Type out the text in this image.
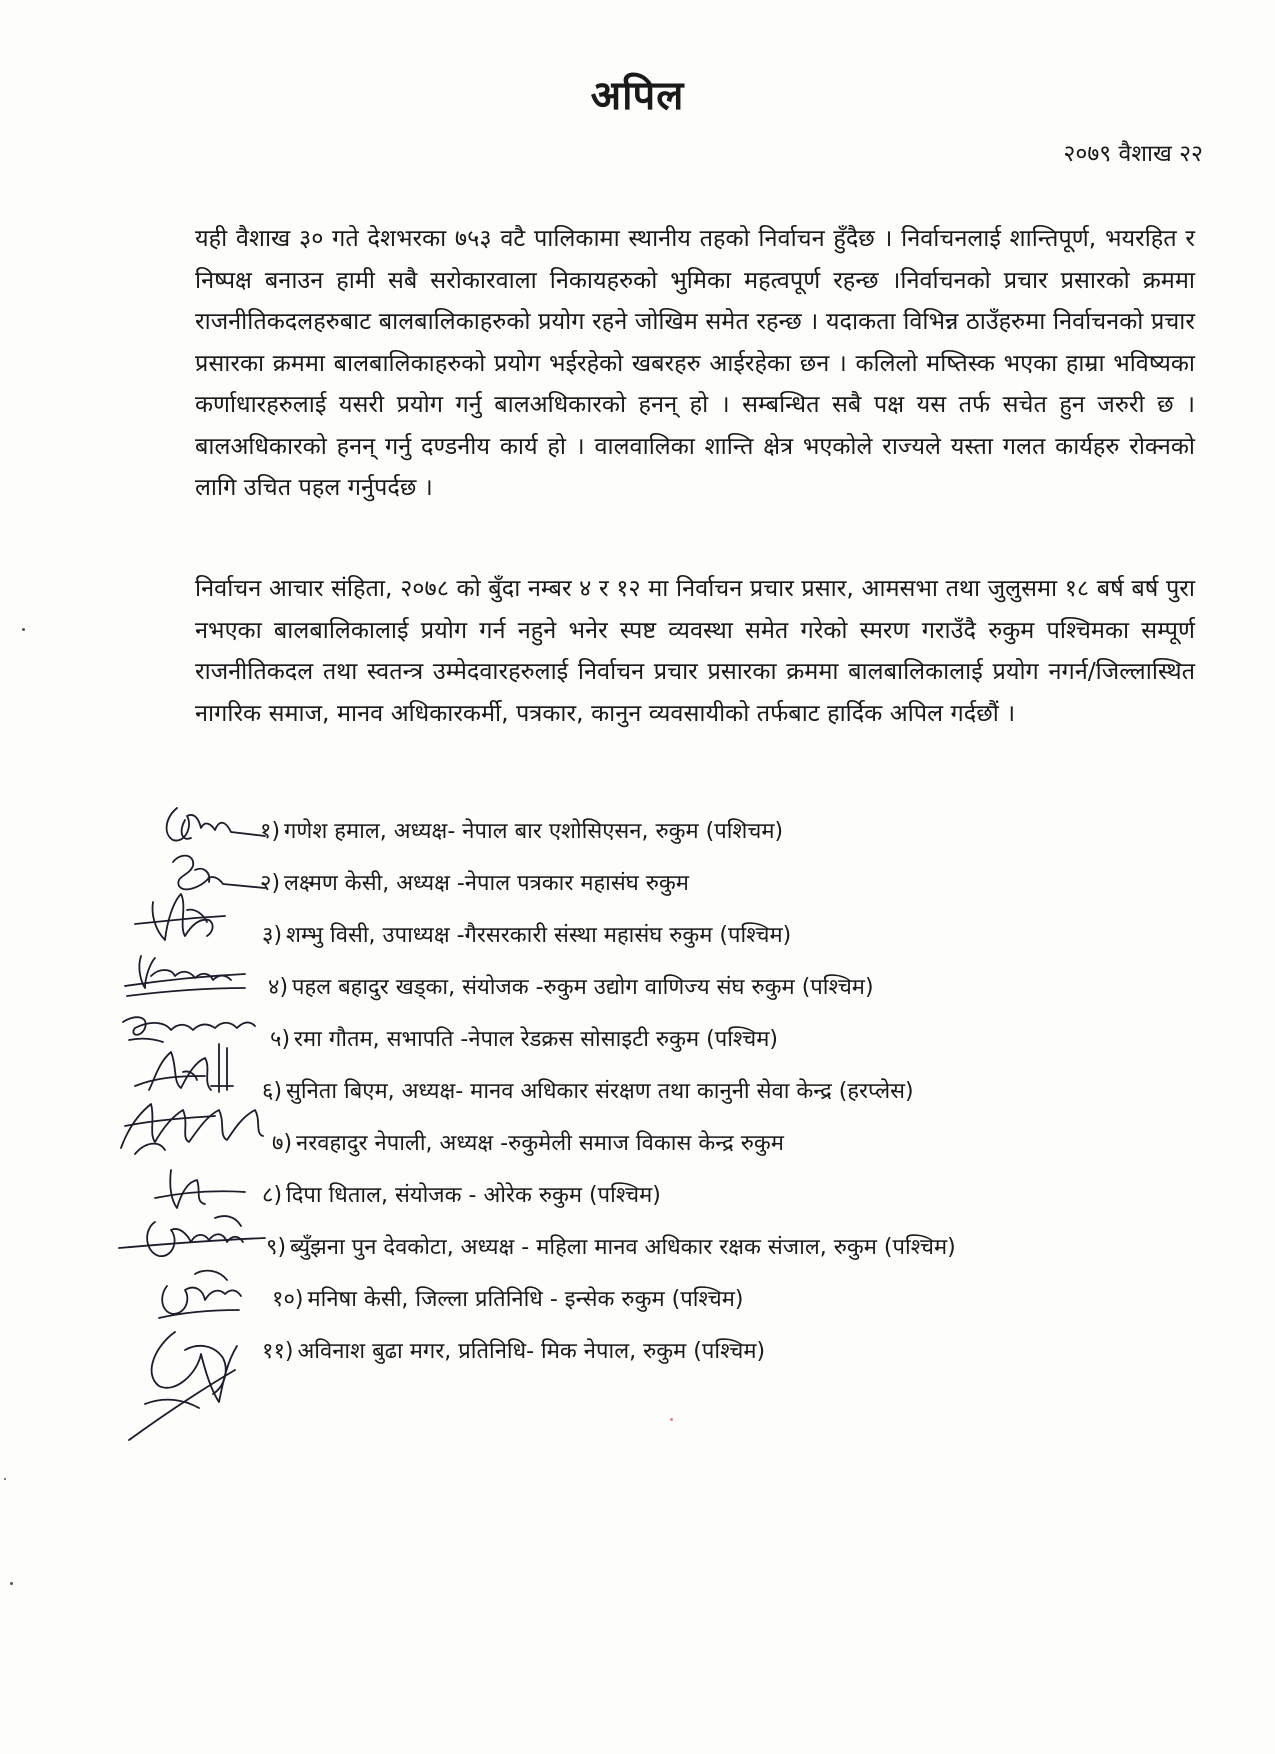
अपिल
२०७९ वैशाख २२

यही वैशाख ३० गते देशभरका ७५३ वटै पालिकामा स्थानीय तहको निर्वाचन हुँदैछ । निर्वाचनलाई शान्तिपूर्ण, भयरहित र निष्पक्ष बनाउन हामी सबै सरोकारवाला निकायहरुको भुमिका महत्वपूर्ण रहन्छ ।निर्वाचनको प्रचार प्रसारको क्रममा राजनीतिकदलहरुबाट बालबालिकाहरुको प्रयोग रहने जोखिम समेत रहन्छ । यदाकता विभिन्न ठाउँहरुमा निर्वाचनको प्रचार प्रसारका क्रममा बालबालिकाहरुको प्रयोग भईरहेको खबरहरु आईरहेका छन । कलिलो मष्तिस्क भएका हाम्रा भविष्यका कर्णाधारहरुलाई यसरी प्रयोग गर्नु बालअधिकारको हनन् हो । सम्बन्धित सबै पक्ष यस तर्फ सचेत हुन जरुरी छ । बालअधिकारको हनन् गर्नु दण्डनीय कार्य हो । वालवालिका शान्ति क्षेत्र भएकोले राज्यले यस्ता गलत कार्यहरु रोक्नको लागि उचित पहल गर्नुपर्दछ ।

निर्वाचन आचार संहिता, २०७८ को बुँदा नम्बर ४ र १२ मा निर्वाचन प्रचार प्रसार, आमसभा तथा जुलुसमा १८ बर्ष बर्ष पुरा नभएका बालबालिकालाई प्रयोग गर्न नहुने भनेर स्पष्ट व्यवस्था समेत गरेको स्मरण गराउँदै रुकुम पश्चिमका सम्पूर्ण राजनीतिकदल तथा स्वतन्त्र उम्मेदवारहरुलाई निर्वाचन प्रचार प्रसारका क्रममा बालबालिकालाई प्रयोग नगर्न/जिल्लास्थित नागरिक समाज, मानव अधिकारकर्मी, पत्रकार, कानुन व्यवसायीको तर्फबाट हार्दिक अपिल गर्दछौं ।

१) गणेश हमाल, अध्यक्ष- नेपाल बार एशोसिएसन, रुकुम (पशिचम)
२) लक्ष्मण केसी, अध्यक्ष -नेपाल पत्रकार महासंघ रुकुम
३) शम्भु विसी, उपाध्यक्ष -गैरसरकारी संस्था महासंघ रुकुम (पश्चिम)
४) पहल बहादुर खड्का, संयोजक -रुकुम उद्योग वाणिज्य संघ रुकुम (पश्चिम)
५) रमा गौतम, सभापति -नेपाल रेडक्रस सोसाइटी रुकुम (पश्चिम)
६) सुनिता बिएम, अध्यक्ष- मानव अधिकार संरक्षण तथा कानुनी सेवा केन्द्र (हरप्लेस)
७) नरवहादुर नेपाली, अध्यक्ष -रुकुमेली समाज विकास केन्द्र रुकुम
८) दिपा धिताल, संयोजक - ओरेक रुकुम (पश्चिम)
९) ब्युँझना पुन देवकोटा, अध्यक्ष - महिला मानव अधिकार रक्षक संजाल, रुकुम (पश्चिम)
१०) मनिषा केसी, जिल्ला प्रतिनिधि - इन्सेक रुकुम (पश्चिम)
११) अविनाश बुढा मगर, प्रतिनिधि- मिक नेपाल, रुकुम (पश्चिम)
